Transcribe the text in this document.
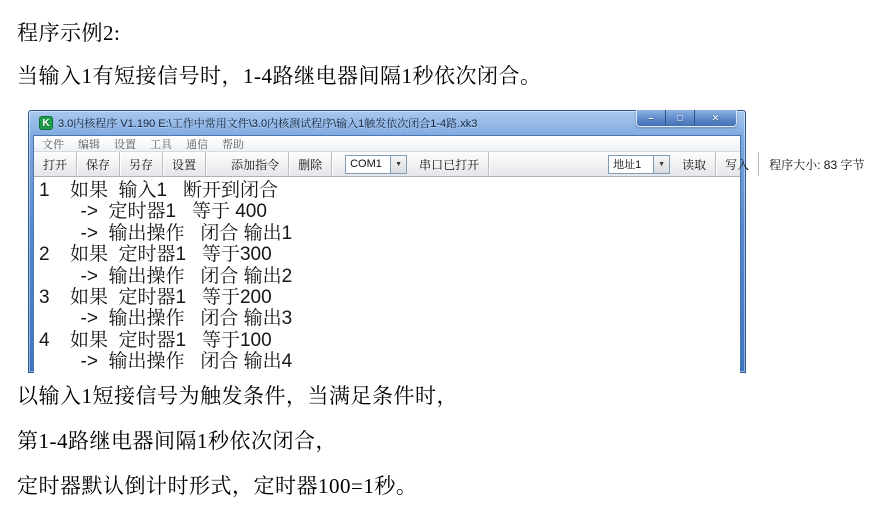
程序示例2:
当输入1有短接信号时，1-4路继电器间隔1秒依次闭合。
K 3.0内核程序 V1.190 E:\工作中常用文件\3.0内核测试程序\输入1触发依次闭合1-4路.xk3	–	□	✕
文件 编辑 设置 工具 通信 帮助
打开	保存	另存	设置	添加指令	删除	COM1	▼	串口已打开	地址1	▼	读取	写入	程序大小: 83 字节
1	如果  输入1   断开到闭合
->  定时器1   等于 400
->  输出操作   闭合 输出1
2	如果  定时器1   等于300
->  输出操作   闭合 输出2
3	如果  定时器1   等于200
->  输出操作   闭合 输出3
4	如果  定时器1   等于100
->  输出操作   闭合 输出4
以输入1短接信号为触发条件，当满足条件时，
第1-4路继电器间隔1秒依次闭合，
定时器默认倒计时形式，定时器100=1秒。
